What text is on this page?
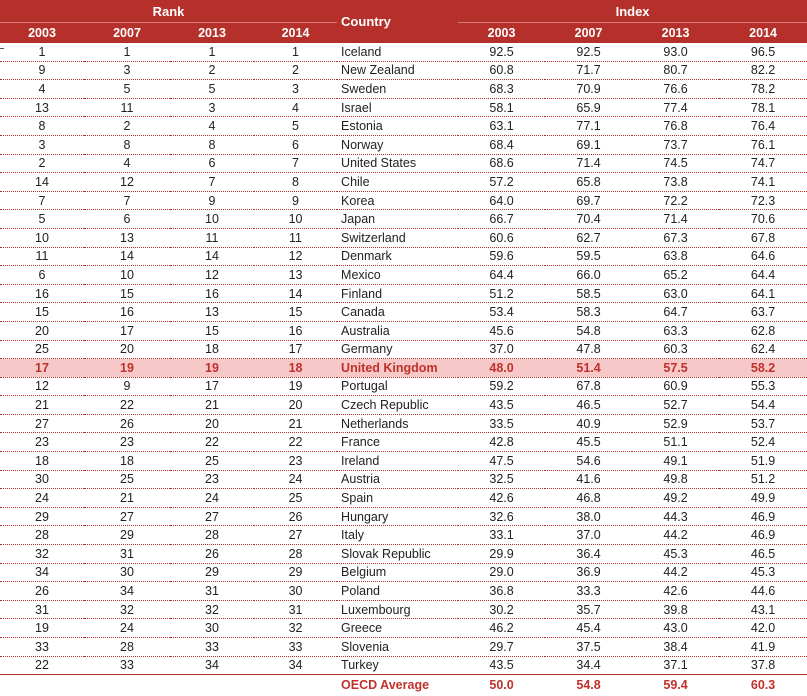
Rank				Country	Index			
2003	2007	2013	2014		2003	2007	2013	2014
1	1	1	1	Iceland	92.5	92.5	93.0	96.5
9	3	2	2	New Zealand	60.8	71.7	80.7	82.2
4	5	5	3	Sweden	68.3	70.9	76.6	78.2
13	11	3	4	Israel	58.1	65.9	77.4	78.1
8	2	4	5	Estonia	63.1	77.1	76.8	76.4
3	8	8	6	Norway	68.4	69.1	73.7	76.1
2	4	6	7	United States	68.6	71.4	74.5	74.7
14	12	7	8	Chile	57.2	65.8	73.8	74.1
7	7	9	9	Korea	64.0	69.7	72.2	72.3
5	6	10	10	Japan	66.7	70.4	71.4	70.6
10	13	11	11	Switzerland	60.6	62.7	67.3	67.8
11	14	14	12	Denmark	59.6	59.5	63.8	64.6
6	10	12	13	Mexico	64.4	66.0	65.2	64.4
16	15	16	14	Finland	51.2	58.5	63.0	64.1
15	16	13	15	Canada	53.4	58.3	64.7	63.7
20	17	15	16	Australia	45.6	54.8	63.3	62.8
25	20	18	17	Germany	37.0	47.8	60.3	62.4
17	19	19	18	United Kingdom	48.0	51.4	57.5	58.2
12	9	17	19	Portugal	59.2	67.8	60.9	55.3
21	22	21	20	Czech Republic	43.5	46.5	52.7	54.4
27	26	20	21	Netherlands	33.5	40.9	52.9	53.7
23	23	22	22	France	42.8	45.5	51.1	52.4
18	18	25	23	Ireland	47.5	54.6	49.1	51.9
30	25	23	24	Austria	32.5	41.6	49.8	51.2
24	21	24	25	Spain	42.6	46.8	49.2	49.9
29	27	27	26	Hungary	32.6	38.0	44.3	46.9
28	29	28	27	Italy	33.1	37.0	44.2	46.9
32	31	26	28	Slovak Republic	29.9	36.4	45.3	46.5
34	30	29	29	Belgium	29.0	36.9	44.2	45.3
26	34	31	30	Poland	36.8	33.3	42.6	44.6
31	32	32	31	Luxembourg	30.2	35.7	39.8	43.1
19	24	30	32	Greece	46.2	45.4	43.0	42.0
33	28	33	33	Slovenia	29.7	37.5	38.4	41.9
22	33	34	34	Turkey	43.5	34.4	37.1	37.8
				OECD Average	50.0	54.8	59.4	60.3
